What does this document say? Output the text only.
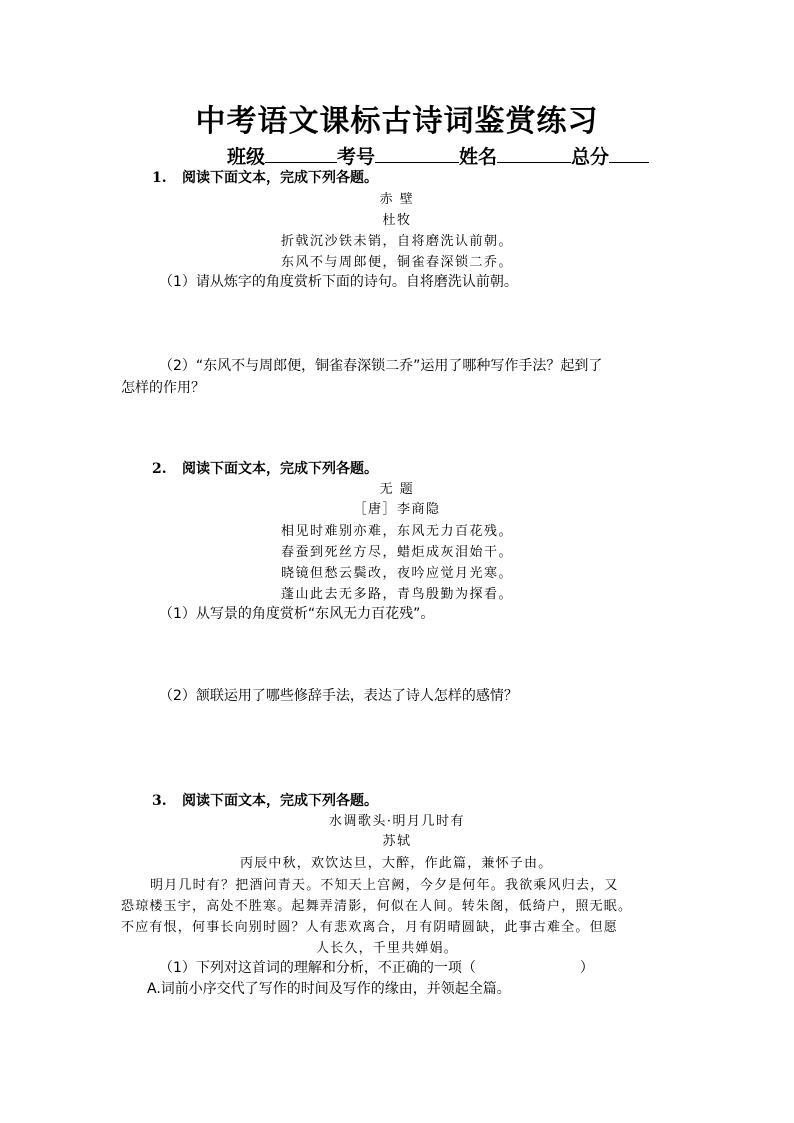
中考语文课标古诗词鉴赏练习
班级	考号	姓名	总分
1. 阅读下面文本，完成下列各题。
赤 壁
杜牧
折戟沉沙铁未销，自将磨洗认前朝。
东风不与周郎便，铜雀春深锁二乔。
（1）请从炼字的角度赏析下面的诗句。自将磨洗认前朝。
（2）“东风不与周郎便，铜雀春深锁二乔”运用了哪种写作手法？起到了
怎样的作用？
2. 阅读下面文本，完成下列各题。
无 题
［唐］李商隐
相见时难别亦难，东风无力百花残。
春蚕到死丝方尽，蜡炬成灰泪始干。
晓镜但愁云鬓改，夜吟应觉月光寒。
蓬山此去无多路，青鸟殷勤为探看。
（1）从写景的角度赏析“东风无力百花残”。
（2）颔联运用了哪些修辞手法，表达了诗人怎样的感情？
3. 阅读下面文本，完成下列各题。
水调歌头·明月几时有
苏轼
丙辰中秋，欢饮达旦，大醉，作此篇，兼怀子由。
明月几时有？把酒问青天。不知天上宫阙，今夕是何年。我欲乘风归去，又
恐琼楼玉宇，高处不胜寒。起舞弄清影，何似在人间。转朱阁，低绮户，照无眠。
不应有恨，何事长向别时圆？人有悲欢离合，月有阴晴圆缺，此事古难全。但愿
人长久，千里共婵娟。
（1）下列对这首词的理解和分析，不正确的一项（	）
A.词前小序交代了写作的时间及写作的缘由，并领起全篇。
